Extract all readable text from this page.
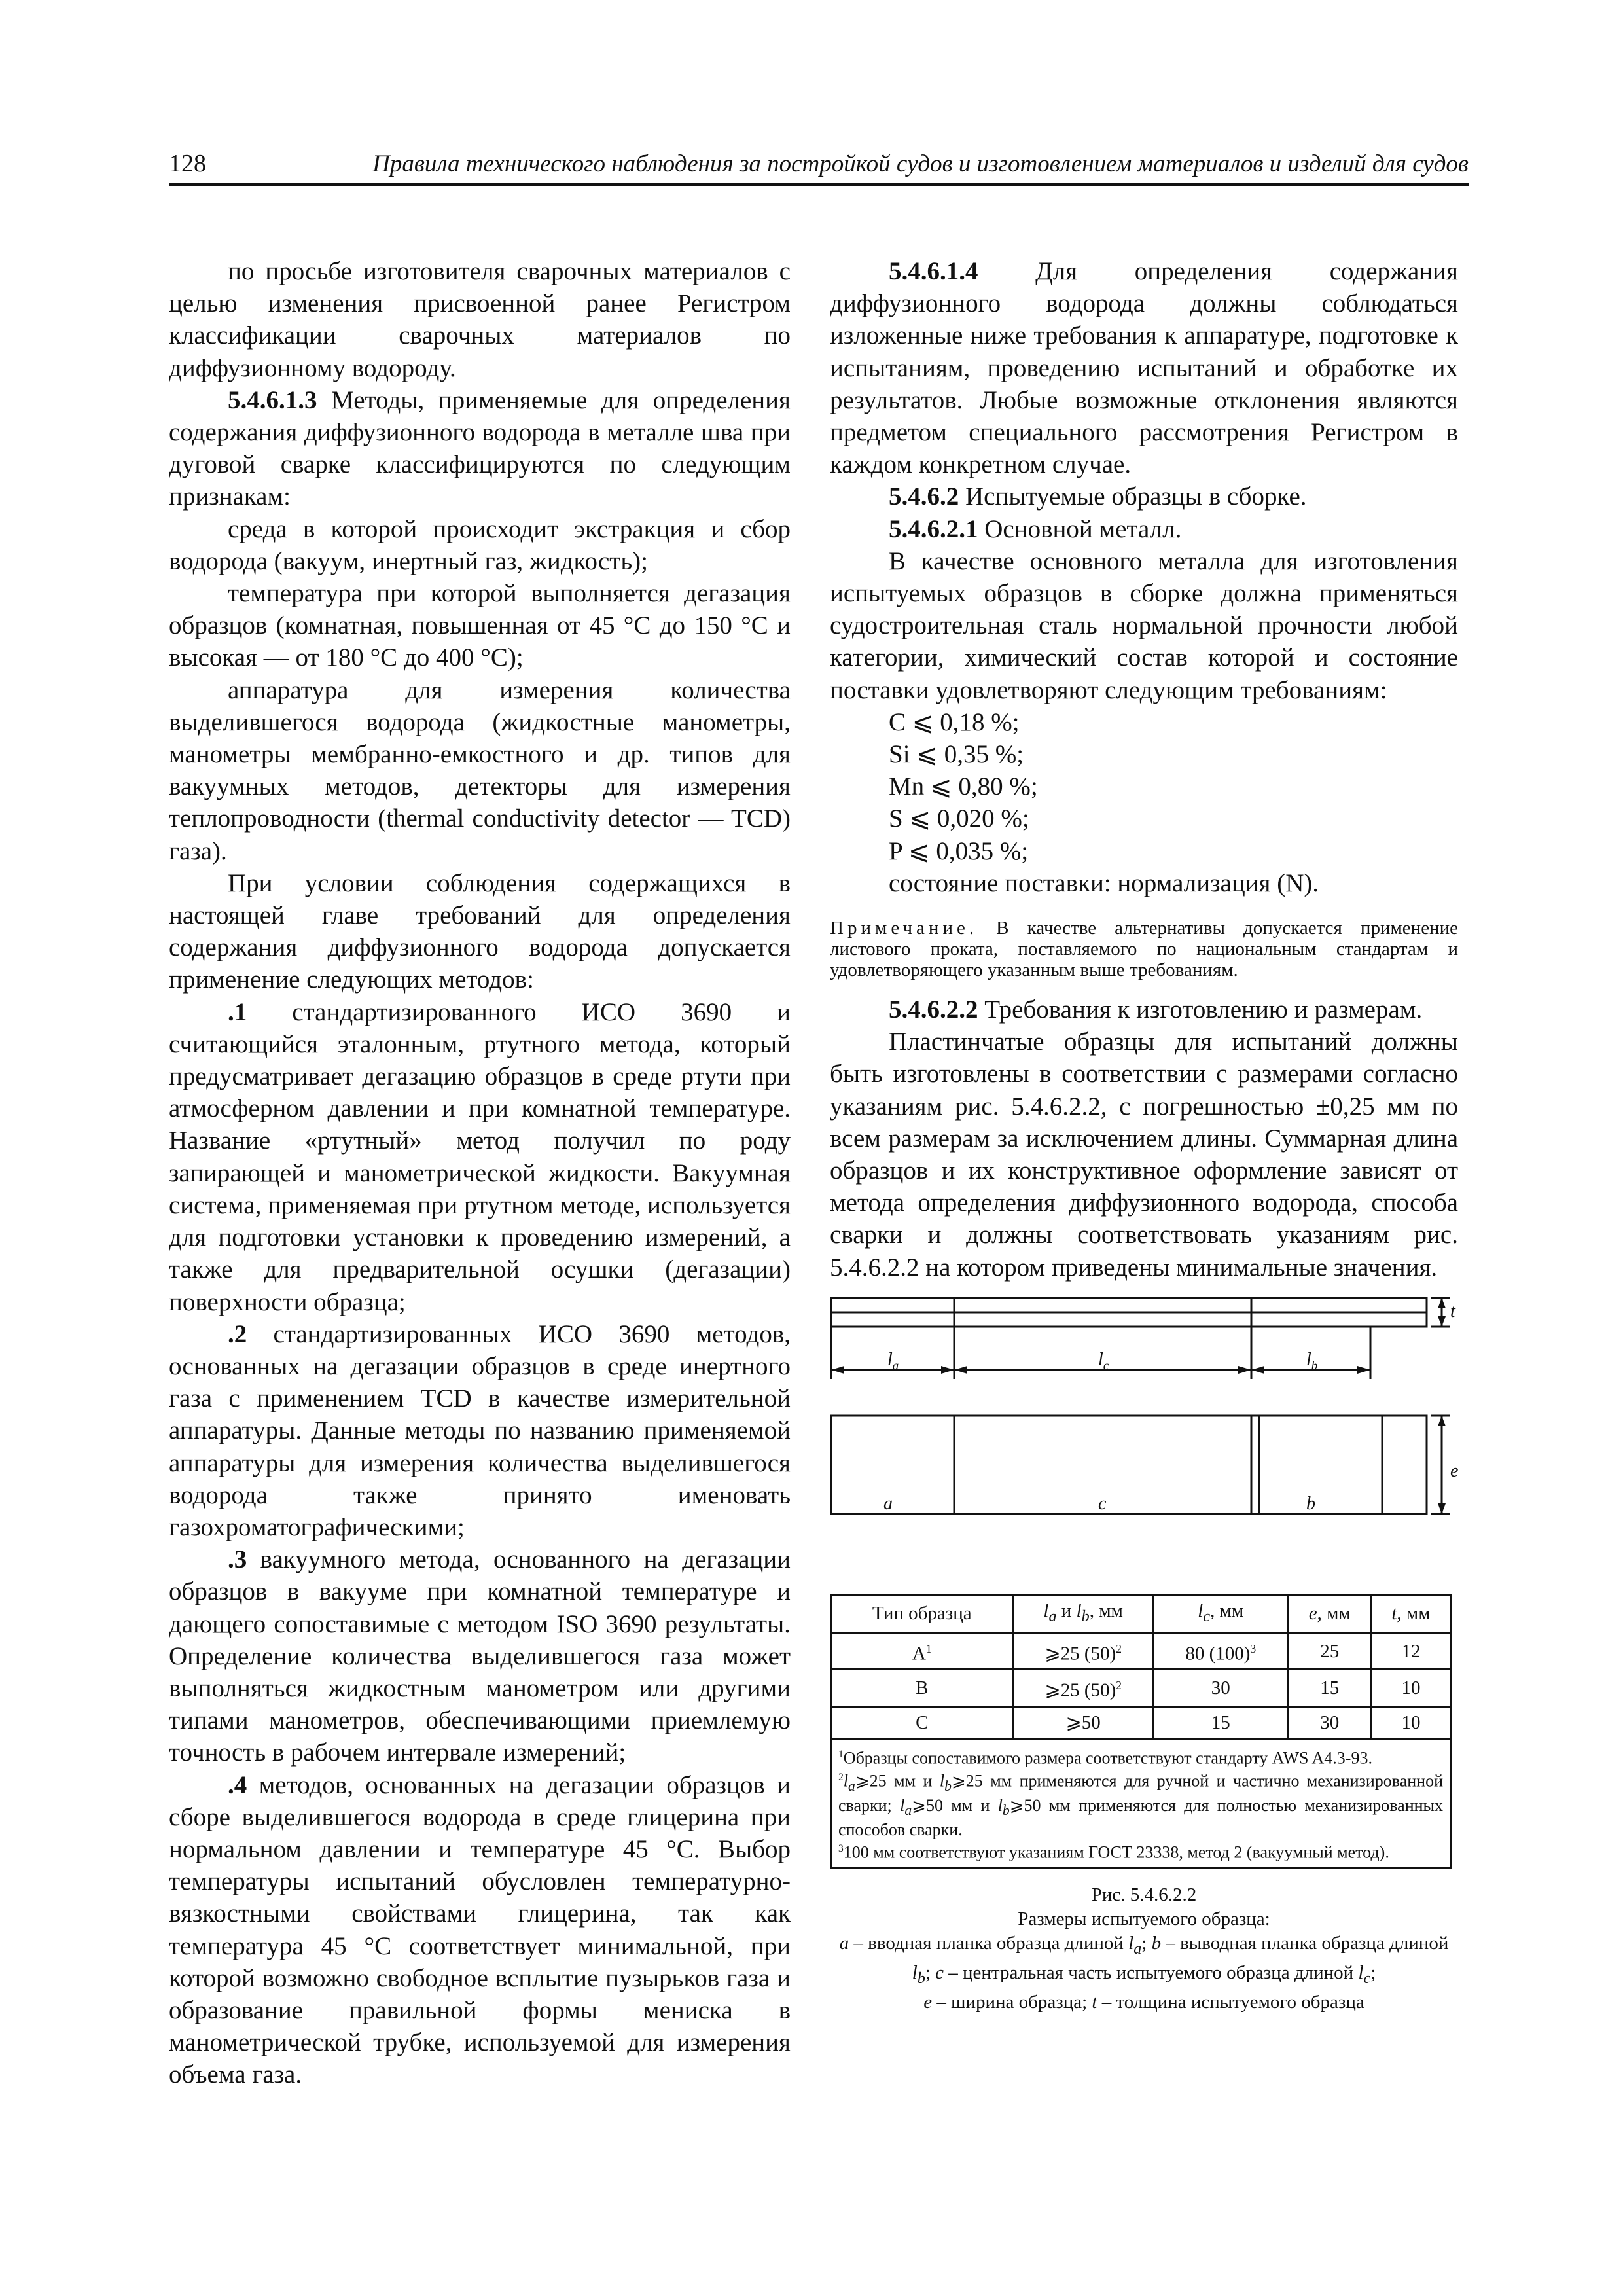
128	Правила технического наблюдения за постройкой судов и изготовлением материалов и изделий для судов

по просьбе изготовителя сварочных материалов с целью изменения присвоенной ранее Регистром классификации сварочных материалов по диффузионному водороду.

5.4.6.1.3 Методы, применяемые для определения содержания диффузионного водорода в металле шва при дуговой сварке классифицируются по следующим признакам:

среда в которой происходит экстракция и сбор водорода (вакуум, инертный газ, жидкость);

температура при которой выполняется дегазация образцов (комнатная, повышенная от 45 °C до 150 °C и высокая — от 180 °C до 400 °C);

аппаратура для измерения количества выделившегося водорода (жидкостные манометры, манометры мембранно-емкостного и др. типов для вакуумных методов, детекторы для измерения теплопроводности (thermal conductivity detector — TCD) газа).

При условии соблюдения содержащихся в настоящей главе требований для определения содержания диффузионного водорода допускается применение следующих методов:

.1 стандартизированного ИСО 3690 и считающийся эталонным, ртутного метода, который предусматривает дегазацию образцов в среде ртути при атмосферном давлении и при комнатной температуре. Название «ртутный» метод получил по роду запирающей и манометрической жидкости. Вакуумная система, применяемая при ртутном методе, используется для подготовки установки к проведению измерений, а также для предварительной осушки (дегазации) поверхности образца;

.2 стандартизированных ИСО 3690 методов, основанных на дегазации образцов в среде инертного газа с применением TCD в качестве измерительной аппаратуры. Данные методы по названию применяемой аппаратуры для измерения количества выделившегося водорода также принято именовать газохроматографическими;

.3 вакуумного метода, основанного на дегазации образцов в вакууме при комнатной температуре и дающего сопоставимые с методом ISO 3690 результаты. Определение количества выделившегося газа может выполняться жидкостным манометром или другими типами манометров, обеспечивающими приемлемую точность в рабочем интервале измерений;

.4 методов, основанных на дегазации образцов и сборе выделившегося водорода в среде глицерина при нормальном давлении и температуре 45 °C. Выбор температуры испытаний обусловлен температурно-вязкостными свойствами глицерина, так как температура 45 °C соответствует минимальной, при которой возможно свободное всплытие пузырьков газа и образование правильной формы мениска в манометрической трубке, используемой для измерения объема газа.

5.4.6.1.4 Для определения содержания диффузионного водорода должны соблюдаться изложенные ниже требования к аппаратуре, подготовке к испытаниям, проведению испытаний и обработке их результатов. Любые возможные отклонения являются предметом специального рассмотрения Регистром в каждом конкретном случае.

5.4.6.2 Испытуемые образцы в сборке.

5.4.6.2.1 Основной металл.

В качестве основного металла для изготовления испытуемых образцов в сборке должна применяться судостроительная сталь нормальной прочности любой категории, химический состав которой и состояние поставки удовлетворяют следующим требованиям:

C ⩽ 0,18 %;
Si ⩽ 0,35 %;
Mn ⩽ 0,80 %;
S ⩽ 0,020 %;
P ⩽ 0,035 %;
состояние поставки: нормализация (N).
Примечание. В качестве альтернативы допускается применение листового проката, поставляемого по национальным стандартам и удовлетворяющего указанным выше требованиям.

5.4.6.2.2 Требования к изготовлению и размерам.

Пластинчатые образцы для испытаний должны быть изготовлены в соответствии с размерами согласно указаниям рис. 5.4.6.2.2, с погрешностью ±0,25 мм по всем размерам за исключением длины. Суммарная длина образцов и их конструктивное оформление зависят от метода определения диффузионного водорода, способа сварки и должны соответствовать указаниям рис. 5.4.6.2.2 на котором приведены минимальные значения.

t
$l_a$	$l_c$	$l_b$
e
a	c	b
Тип образца	$l_a$ и $l_b$, мм	$l_c$, мм	e, мм	t, мм
$A^1$	⩾25 $(50)^2$	80 $(100)^3$	25	12
B	⩾25 $(50)^2$	30	15	10
C	⩾50	15	30	10

$^1$Образцы сопоставимого размера соответствуют стандарту AWS A4.3-93.
$^2l_a⩾25$ мм и $l_b⩾25$ мм применяются для ручной и частично механизированной сварки; $l_a⩾50$ мм и $l_b⩾50$ мм применяются для полностью механизированных способов сварки.
$^3$100 мм соответствуют указаниям ГОСТ 23338, метод 2 (вакуумный метод).				
Рис. 5.4.6.2.2
Размеры испытуемого образца:
a – вводная планка образца длиной $l_a$; b – выводная планка образца длиной $l_b$; c – центральная часть испытуемого образца длиной $l_c$;
e – ширина образца; t – толщина испытуемого образца
